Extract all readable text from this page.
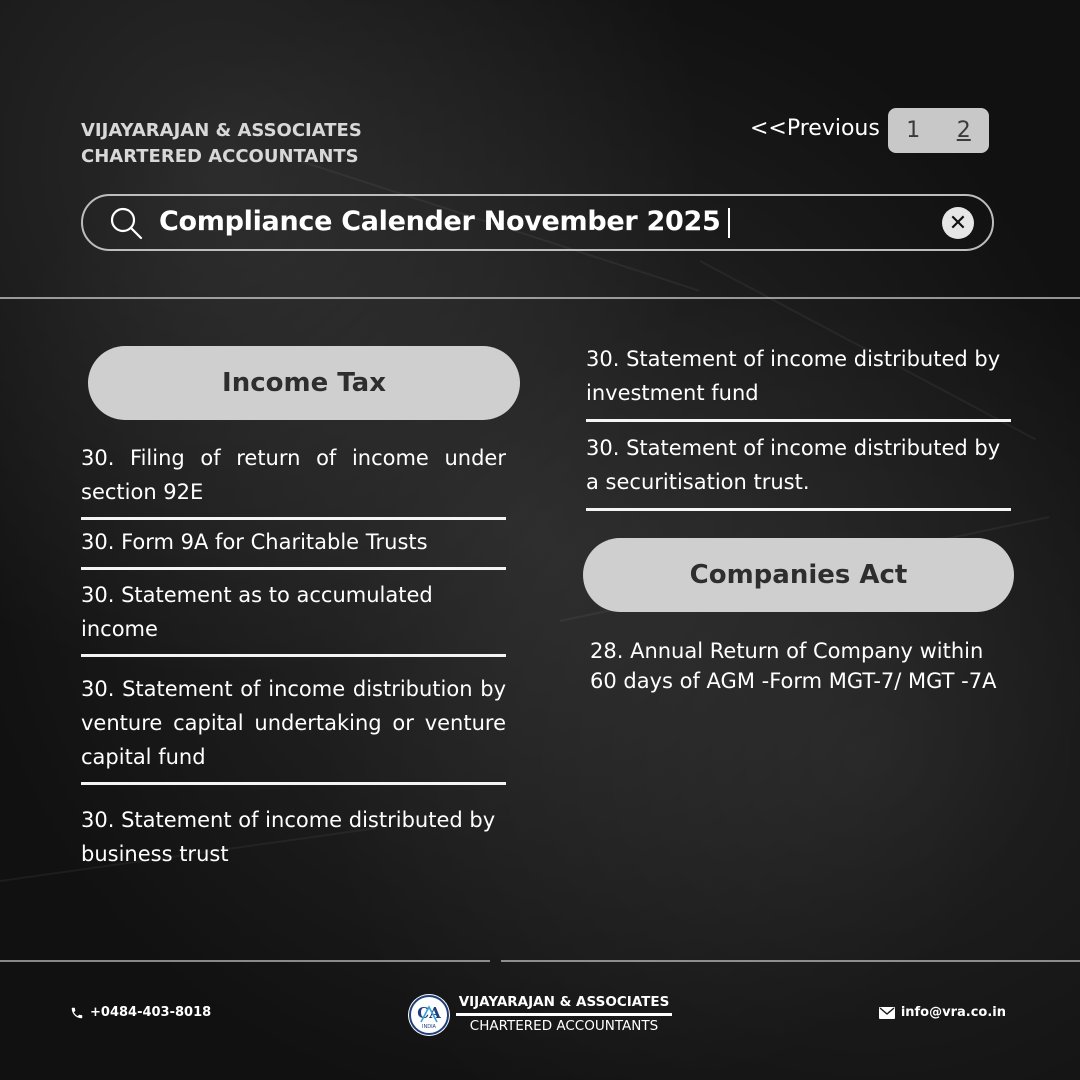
VIJAYARAJAN & ASSOCIATES
CHARTERED ACCOUNTANTS
<<Previous 1 2
Compliance Calender November 2025	✕
Income Tax
30. Filing of return of income under section 92E
30. Form 9A for Charitable Trusts
30. Statement as to accumulated income
30. Statement of income distribution by venture capital undertaking or venture capital fund
30. Statement of income distributed by business trust
30. Statement of income distributed by investment fund
30. Statement of income distributed by a securitisation trust.
Companies Act
28. Annual Return of Company within 60 days of AGM -Form MGT-7/ MGT -7A
+0484-403-8018	CA
INDIA
VIJAYARAJAN & ASSOCIATES
CHARTERED ACCOUNTANTS
info@vra.co.in
